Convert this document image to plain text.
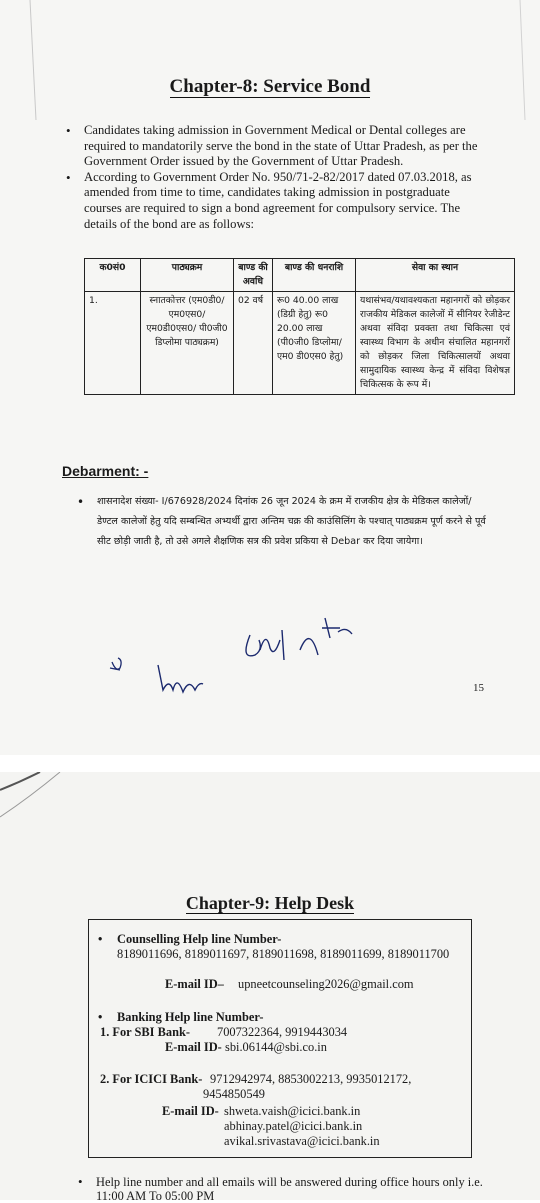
Chapter-8: Service Bond
• Candidates taking admission in Government Medical or Dental colleges are required to mandatorily serve the bond in the state of Uttar Pradesh, as per the Government Order issued by the Government of Uttar Pradesh.
• According to Government Order No. 950/71-2-82/2017 dated 07.03.2018, as amended from time to time, candidates taking admission in postgraduate courses are required to sign a bond agreement for compulsory service. The details of the bond are as follows:
क0सं0	पाठ्यक्रम	बाण्ड की अवधि	बाण्ड की धनराशि	सेवा का स्थान
1.	स्नातकोत्तर (एम0डी0/ एम0एस0/ एम0डी0एस0/ पी0जी0 डिप्लोमा पाठ्यक्रम)	02 वर्ष	रू0 40.00 लाख (डिग्री हेतु) रू0 20.00 लाख (पी0जी0 डिप्लोमा/एम0 डी0एस0 हेतु)	यथासंभव/यथावश्यकता महानगरों को छोड़कर राजकीय मेडिकल कालेजों में सीनियर रेजीडेन्ट अथवा संविदा प्रवक्ता तथा चिकित्सा एवं स्वास्थ्य विभाग के अधीन संचालित महानगरों को छोड़कर जिला चिकित्सालयों अथवा सामुदायिक स्वास्थ्य केन्द्र में संविदा विशेषज्ञ चिकित्सक के रूप में।
Debarment: -
• शासनादेश संख्या- I/676928/2024 दिनांक 26 जून 2024 के क्रम में राजकीय क्षेत्र के मेडिकल कालेजों/डेण्टल कालेजों हेतु यदि सम्बन्धित अभ्यर्थी द्वारा अन्तिम चक्र की काउंसिलिंग के पश्चात् पाठ्यक्रम पूर्ण करने से पूर्व सीट छोड़ी जाती है, तो उसे अगले शैक्षणिक सत्र की प्रवेश प्रकिया से Debar कर दिया जायेगा।
15
Chapter-9: Help Desk
• Counselling Help line Number-
8189011696, 8189011697, 8189011698, 8189011699, 8189011700
E-mail ID– upneetcounseling2026@gmail.com
• Banking Help line Number-
1. For SBI Bank- 7007322364, 9919443034
E-mail ID- sbi.06144@sbi.co.in
2. For ICICI Bank- 9712942974, 8853002213, 9935012172,
9454850549
E-mail ID- shweta.vaish@icici.bank.in
abhinay.patel@icici.bank.in
avikal.srivastava@icici.bank.in
• Help line number and all emails will be answered during office hours only i.e. 11:00 AM To 05:00 PM
